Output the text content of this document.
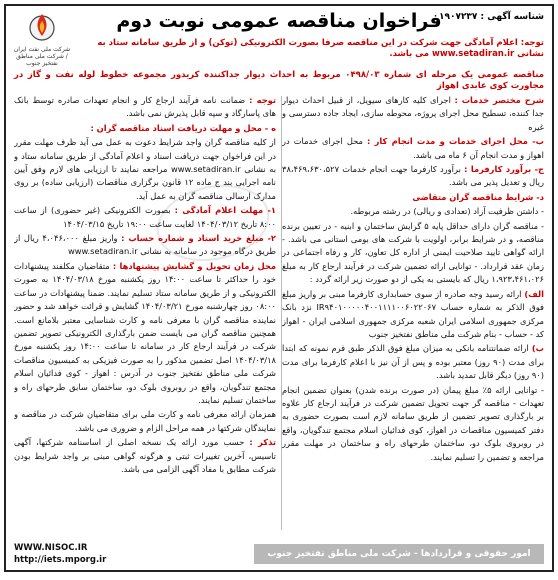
شناسه آگهی : ۱۹۰۷۲۳۷
فراخوان مناقصه عمومی نوبت دوم
شرکت ملی نفت ایران / شرکت ملی مناطق نفتخیز جنوب
توجه: اعلام آمادگی جهت شرکت در این مناقصه صرفا بصورت الکترونیکی (توکن) و از طریق سامانه ستاد به نشانی www.setadiran.ir می باشد.
مناقصه عمومی یک مرحله ای شماره ۰۴۹۸/۰۳ مربوط به احداث دیوار جداکننده کریدور مجموعه خطوط لوله نفت و گاز در مجاورت کوی عابدی اهواز

شرح مختصر خدمات : اجرای کلیه کارهای سیویل، از قبیل احداث دیوار جدا کننده، تسطیح محل اجرای پروژه، محوطه سازی، ایجاد جاده دسترسی و غیره

ب- محل اجرای خدمات و مدت انجام کار : محل اجرای خدمات در اهواز و مدت انجام آن ۶ ماه می باشد.

ج- برآورد کارفرما : برآورد کارفرما جهت انجام خدمات ۳۸،۴۶۹،۶۳۰،۵۲۷ ریال و تعدیل پذیر می باشد.

د- شرایط مناقصه گران متقاضی

- داشتن ظرفیت آزاد (تعدادی و ریالی) در رشته مربوطه.

- مناقصه گران دارای حداقل پایه ۵ گرایش ساختمان و ابنیه - در تعیین برنده مناقصه، و در شرایط برابر، اولویت با شرکت های بومی استانی می باشد. - ارائه گواهی تایید صلاحیت ایمنی از اداره کل تعاون، کار و رفاه اجتماعی در زمان عقد قرارداد. - توانایی ارائه تضمین شرکت در فرآیند ارجاع کار به مبلغ ۱،۹۲۳،۴۶۱،۰۲۶ ریال که بایستی به یکی از دو صورت زیر ارائه گردد :

الف) ارائه رسید وجه صادره از سوی حسابداری کارفرما مبنی بر واریز مبلغ فوق الذکر به شماره حساب IR۹۴۰۱۰۰۰۰۰۴۰۰۱۱۱۱۰۰۶۰۲۲۰۶۷ نزد بانک مرکزی جمهوری اسلامی ایران شعبه مرکزی جمهوری اسلامی ایران - اهواز کد - حساب - بنام شرکت ملی مناطق نفتخیز جنوب

ب) ارائه ضمانتنامه بانکی به میزان مبلغ فوق الذکر طبق فرم نمونه که ابتدا برای مدت (۹۰ روز) معتبر بوده و پس از آن نیز با اعلام کارفرما برای مدت (۹۰ روز) دیگر قابل تمدید باشد.

- توانایی ارائه ۵٪ مبلغ پیمان (در صورت برنده شدن) بعنوان تضمین انجام تعهدات - مناقصه گر جهت تحویل تضمین شرکت در فرآیند ارجاع کار علاوه بر بارگذاری تصویر تضمین از طریق سامانه لازم است بصورت حضوری به دفتر کمیسیون مناقصات در اهواز، کوی فدائیان اسلام مجتمع تندگویان، واقع در روبروی بلوک دو، ساختمان طرحهای راه و ساختمان در مهلت مقرر مراجعه و تضمین را تسلیم نمایند.

توجه : ضمانت نامه فرآیند ارجاع کار و انجام تعهدات صادره توسط بانک های پاسارگاد و سپه قابل پذیرش نمی باشد.

ه - محل و مهلت دریافت اسناد مناقصه گران :

از کلیه مناقصه گران واجد شرایط دعوت به عمل می آید ظرف مهلت مقرر در این فراخوان جهت دریافت اسناد و اعلام آمادگی از طریق سامانه ستاد و به نشانی www.setadiran.ir مراجعه نمایند تا ارزیابی های لازم وفق آیین نامه اجرایی بند ج ماده ۱۲ قانون برگزاری مناقصات (ارزیابی ساده) بر روی مدارک ارسالی مناقصه گران به عمل آید.

۱- مهلت اعلام آمادگی : بصورت الکترونیکی (غیر حضوری) از ساعت ۸:۰۰ تاریخ ۱۴۰۴/۰۳/۱۲ لغایت ساعت ۱۹:۰۰ تاریخ ۱۴۰۴/۰۳/۱۵

۲- مبلغ خرید اسناد و شماره حساب : واریز مبلغ ۴،۰۴۶،۰۰۰ ریال از طریق درگاه موجود در سامانه به نشانی www.setadiran.ir

محل زمان تحویل و گشایش پیشنهادها : متقاضیان مکلفند پیشنهادات خود را حداکثر تا ساعت ۱۴:۰۰ روز یکشنبه مورخ ۱۴۰۴/۰۳/۱۸ به صورت الکترونیکی و از طریق سامانه ستاد تسلیم نمایند. ضمنا پیشنهادات در ساعت ۰۸:۰۰ روز چهارشنبه مورخ ۱۴۰۴/۰۳/۲۱ گشایش و قرائت خواهد شد و حضور نماینده مناقصه گران با معرفی نامه و کارت شناسایی معتبر بلامانع است. همچنین مناقصه گران می بایست ضمن بارگذاری الکترونیکی تصویر تضمین شرکت در فرآیند ارجاع کار در سامانه تا ساعت ۱۴:۰۰ روز یکشنبه مورخ ۱۴۰۴/۰۳/۱۸ اصل تضمین مذکور را به صورت فیزیکی به کمیسیون مناقصات شرکت ملی مناطق نفتخیز جنوب در آدرس : اهواز - کوی فدائیان اسلام مجتمع تندگویان، واقع در روبروی بلوک دو، ساختمان سابق طرحهای راه و ساختمان تسلیم نمایند.

همزمان ارائه معرفی نامه و کارت ملی برای متقاضیان شرکت در مناقصه و نمایندگان شرکتها در همه مراحل الزام و ضروری می باشد.

تذکر : حسب مورد ارائه یک نسخه اصلی از اساسنامه شرکتها، آگهی تاسیس، آخرین تغییرات ثبتی و هرگونه گواهی مبنی بر واجد شرایط بودن شرکت مطابق با مفاد آگهی الزامی می باشد.

امور حقوقی و قراردادها - شرکت ملی مناطق نفتخیز جنوب
WWW.NISOC.IR
http://iets.mporg.ir
